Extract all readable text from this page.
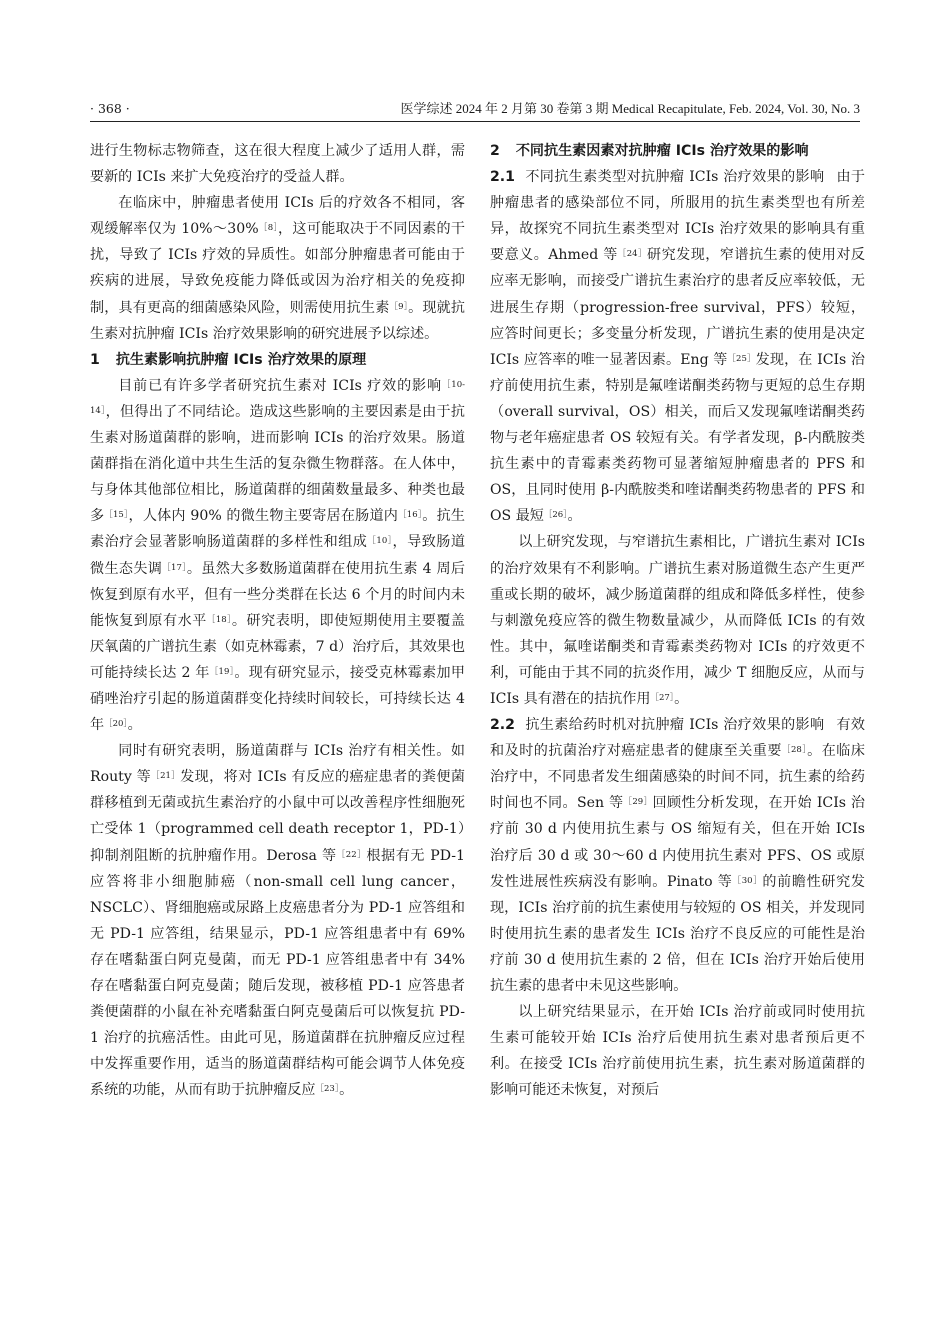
· 368 ·	医学综述 2024 年 2 月第 30 卷第 3 期 Medical Recapitulate, Feb. 2024, Vol. 30, No. 3

进行生物标志物筛查，这在很大程度上减少了适用人群，需要新的 ICIs 来扩大免疫治疗的受益人群。

在临床中，肿瘤患者使用 ICIs 后的疗效各不相同，客观缓解率仅为 10%～30%$^{[8]}$，这可能取决于不同因素的干扰，导致了 ICIs 疗效的异质性。如部分肿瘤患者可能由于疾病的进展，导致免疫能力降低或因为治疗相关的免疫抑制，具有更高的细菌感染风险，则需使用抗生素$^{[9]}$。现就抗生素对抗肿瘤 ICIs 治疗效果影响的研究进展予以综述。

1 抗生素影响抗肿瘤 ICIs 治疗效果的原理

目前已有许多学者研究抗生素对 ICIs 疗效的影响$^{[10-14]}$，但得出了不同结论。造成这些影响的主要因素是由于抗生素对肠道菌群的影响，进而影响 ICIs 的治疗效果。肠道菌群指在消化道中共生生活的复杂微生物群落。在人体中，与身体其他部位相比，肠道菌群的细菌数量最多、种类也最多$^{[15]}$，人体内 90% 的微生物主要寄居在肠道内$^{[16]}$。抗生素治疗会显著影响肠道菌群的多样性和组成$^{[10]}$，导致肠道微生态失调$^{[17]}$。虽然大多数肠道菌群在使用抗生素 4 周后恢复到原有水平，但有一些分类群在长达 6 个月的时间内未能恢复到原有水平$^{[18]}$。研究表明，即使短期使用主要覆盖厌氧菌的广谱抗生素（如克林霉素，7 d）治疗后，其效果也可能持续长达 2 年$^{[19]}$。现有研究显示，接受克林霉素加甲硝唑治疗引起的肠道菌群变化持续时间较长，可持续长达 4 年$^{[20]}$。

同时有研究表明，肠道菌群与 ICIs 治疗有相关性。如 Routy 等$^{[21]}$发现，将对 ICIs 有反应的癌症患者的粪便菌群移植到无菌或抗生素治疗的小鼠中可以改善程序性细胞死亡受体 1（programmed cell death receptor 1，PD-1）抑制剂阻断的抗肿瘤作用。Derosa 等$^{[22]}$根据有无 PD-1 应答将非小细胞肺癌（non-small cell lung cancer，NSCLC）、肾细胞癌或尿路上皮癌患者分为 PD-1 应答组和无 PD-1 应答组，结果显示，PD-1 应答组患者中有 69% 存在嗜黏蛋白阿克曼菌，而无 PD-1 应答组患者中有 34% 存在嗜黏蛋白阿克曼菌；随后发现，被移植 PD-1 应答患者粪便菌群的小鼠在补充嗜黏蛋白阿克曼菌后可以恢复抗 PD-1 治疗的抗癌活性。由此可见，肠道菌群在抗肿瘤反应过程中发挥重要作用，适当的肠道菌群结构可能会调节人体免疫系统的功能，从而有助于抗肿瘤反应$^{[23]}$。

2 不同抗生素因素对抗肿瘤 ICIs 治疗效果的影响

2.1 不同抗生素类型对抗肿瘤 ICIs 治疗效果的影响 由于肿瘤患者的感染部位不同，所服用的抗生素类型也有所差异，故探究不同抗生素类型对 ICIs 治疗效果的影响具有重要意义。Ahmed 等$^{[24]}$研究发现，窄谱抗生素的使用对反应率无影响，而接受广谱抗生素治疗的患者反应率较低，无进展生存期（progression-free survival，PFS）较短，应答时间更长；多变量分析发现，广谱抗生素的使用是决定 ICIs 应答率的唯一显著因素。Eng 等$^{[25]}$发现，在 ICIs 治疗前使用抗生素，特别是氟喹诺酮类药物与更短的总生存期（overall survival，OS）相关，而后又发现氟喹诺酮类药物与老年癌症患者 OS 较短有关。有学者发现，β-内酰胺类抗生素中的青霉素类药物可显著缩短肿瘤患者的 PFS 和 OS，且同时使用 β-内酰胺类和喹诺酮类药物患者的 PFS 和 OS 最短$^{[26]}$。

以上研究发现，与窄谱抗生素相比，广谱抗生素对 ICIs 的治疗效果有不利影响。广谱抗生素对肠道微生态产生更严重或长期的破坏，减少肠道菌群的组成和降低多样性，使参与刺激免疫应答的微生物数量减少，从而降低 ICIs 的有效性。其中，氟喹诺酮类和青霉素类药物对 ICIs 的疗效更不利，可能由于其不同的抗炎作用，减少 T 细胞反应，从而与 ICIs 具有潜在的拮抗作用$^{[27]}$。

2.2 抗生素给药时机对抗肿瘤 ICIs 治疗效果的影响 有效和及时的抗菌治疗对癌症患者的健康至关重要$^{[28]}$。在临床治疗中，不同患者发生细菌感染的时间不同，抗生素的给药时间也不同。Sen 等$^{[29]}$回顾性分析发现，在开始 ICIs 治疗前 30 d 内使用抗生素与 OS 缩短有关，但在开始 ICIs 治疗后 30 d 或 30～60 d 内使用抗生素对 PFS、OS 或原发性进展性疾病没有影响。Pinato 等$^{[30]}$的前瞻性研究发现，ICIs 治疗前的抗生素使用与较短的 OS 相关，并发现同时使用抗生素的患者发生 ICIs 治疗不良反应的可能性是治疗前 30 d 使用抗生素的 2 倍，但在 ICIs 治疗开始后使用抗生素的患者中未见这些影响。

以上研究结果显示，在开始 ICIs 治疗前或同时使用抗生素可能较开始 ICIs 治疗后使用抗生素对患者预后更不利。在接受 ICIs 治疗前使用抗生素，抗生素对肠道菌群的影响可能还未恢复，对预后
